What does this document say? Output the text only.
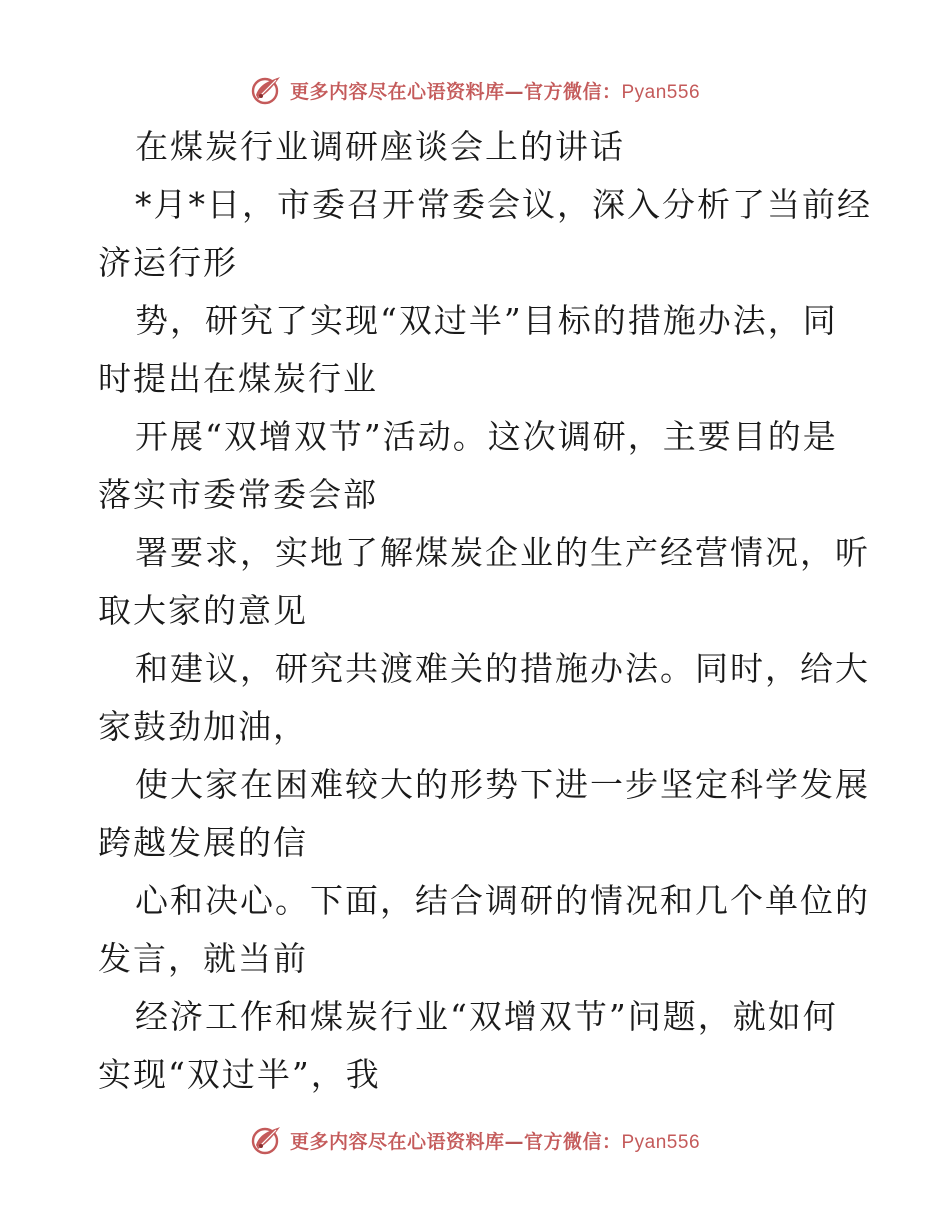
更多内容尽在心语资料库—官方微信：Pyan556
在煤炭行业调研座谈会上的讲话
*月*日，市委召开常委会议，深入分析了当前经
济运行形
势，研究了实现“双过半”目标的措施办法，同
时提出在煤炭行业
开展“双增双节”活动。这次调研，主要目的是
落实市委常委会部
署要求，实地了解煤炭企业的生产经营情况，听
取大家的意见
和建议，研究共渡难关的措施办法。同时，给大
家鼓劲加油，
使大家在困难较大的形势下进一步坚定科学发展
跨越发展的信
心和决心。下面，结合调研的情况和几个单位的
发言，就当前
经济工作和煤炭行业“双增双节”问题，就如何
实现“双过半”，我
更多内容尽在心语资料库—官方微信：Pyan556
